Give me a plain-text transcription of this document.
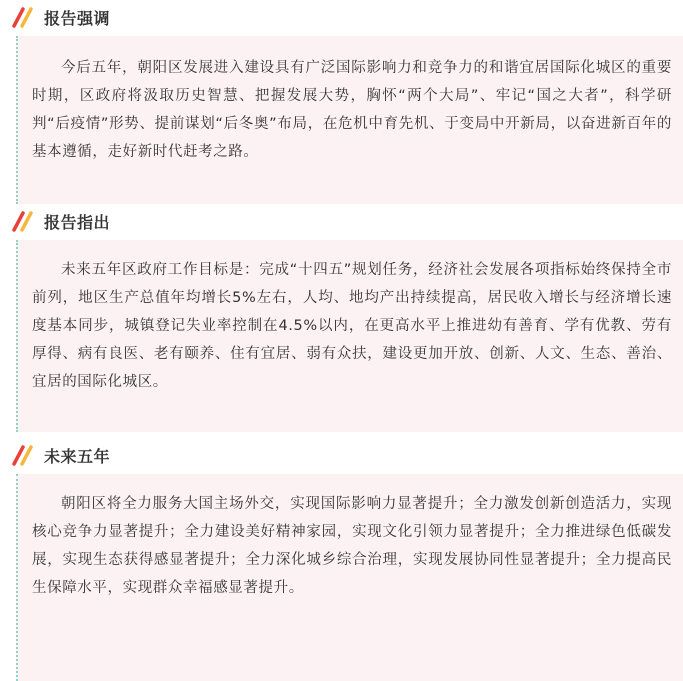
报告强调

今后五年，朝阳区发展进入建设具有广泛国际影响力和竞争力的和谐宜居国际化城区的重要时期，区政府将汲取历史智慧、把握发展大势，胸怀“两个大局”、牢记“国之大者”，科学研判“后疫情”形势、提前谋划“后冬奥”布局，在危机中育先机、于变局中开新局，以奋进新百年的基本遵循，走好新时代赶考之路。

报告指出

未来五年区政府工作目标是：完成“十四五”规划任务，经济社会发展各项指标始终保持全市前列，地区生产总值年均增长5%左右，人均、地均产出持续提高，居民收入增长与经济增长速度基本同步，城镇登记失业率控制在4.5%以内，在更高水平上推进幼有善育、学有优教、劳有厚得、病有良医、老有颐养、住有宜居、弱有众扶，建设更加开放、创新、人文、生态、善治、宜居的国际化城区。

未来五年

朝阳区将全力服务大国主场外交，实现国际影响力显著提升；全力激发创新创造活力，实现核心竞争力显著提升；全力建设美好精神家园，实现文化引领力显著提升；全力推进绿色低碳发展，实现生态获得感显著提升；全力深化城乡综合治理，实现发展协同性显著提升；全力提高民生保障水平，实现群众幸福感显著提升。
